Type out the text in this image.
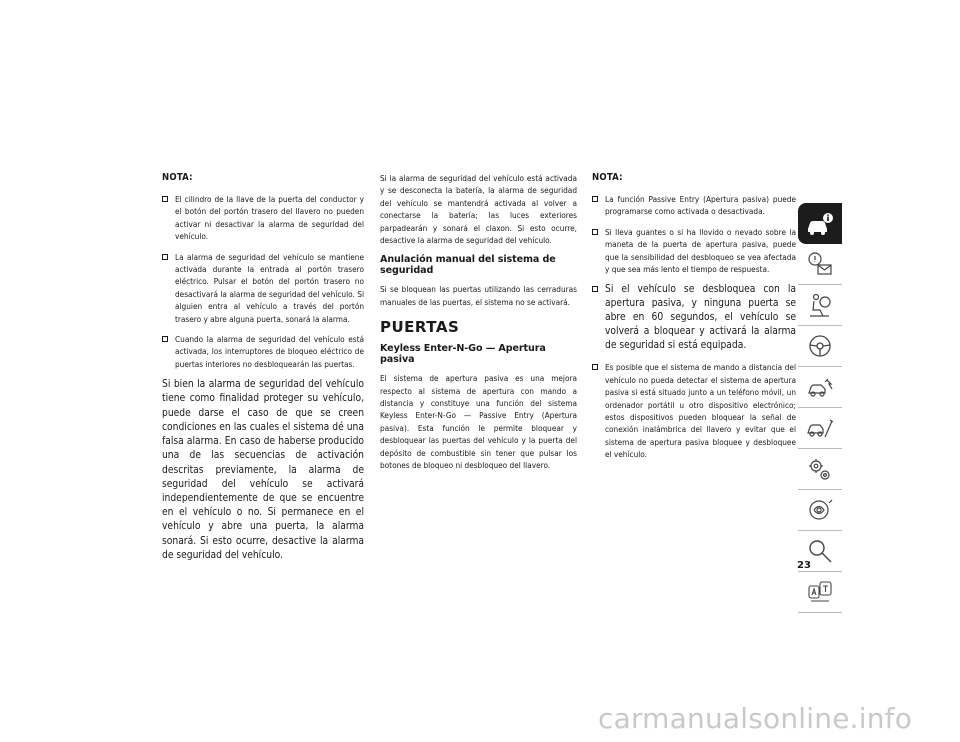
NOTA:

El cilindro de la llave de la puerta del conductor y el botón del portón trasero del llavero no pueden activar ni desactivar la alarma de seguridad del vehículo.
La alarma de seguridad del vehículo se mantiene activada durante la entrada al portón trasero eléctrico. Pulsar el botón del portón trasero no desactivará la alarma de seguridad del vehículo. Si alguien entra al vehículo a través del portón trasero y abre alguna puerta, sonará la alarma.
Cuando la alarma de seguridad del vehículo está activada, los interruptores de bloqueo eléctrico de puertas interiores no desbloquearán las puertas.

Si bien la alarma de seguridad del vehículo tiene como finalidad proteger su vehículo, puede darse el caso de que se creen condiciones en las cuales el sistema dé una falsa alarma. En caso de haberse producido una de las secuencias de activación descritas previamente, la alarma de seguridad del vehículo se activará independientemente de que se encuentre en el vehículo o no. Si permanece en el vehículo y abre una puerta, la alarma sonará. Si esto ocurre, desactive la alarma de seguridad del vehículo.

Si la alarma de seguridad del vehículo está activada y se desconecta la batería, la alarma de seguridad del vehículo se mantendrá activada al volver a conectarse la batería; las luces exteriores parpadearán y sonará el claxon. Si esto ocurre, desactive la alarma de seguridad del vehículo.

Anulación manual del sistema de seguridad

Si se bloquean las puertas utilizando las cerraduras manuales de las puertas, el sistema no se activará.

PUERTAS
Keyless Enter-N-Go — Apertura pasiva

El sistema de apertura pasiva es una mejora respecto al sistema de apertura con mando a distancia y constituye una función del sistema Keyless Enter-N-Go — Passive Entry (Apertura pasiva). Esta función le permite bloquear y desbloquear las puertas del vehículo y la puerta del depósito de combustible sin tener que pulsar los botones de bloqueo ni desbloqueo del llavero.

NOTA:

La función Passive Entry (Apertura pasiva) puede programarse como activada o desactivada.
Si lleva guantes o si ha llovido o nevado sobre la maneta de la puerta de apertura pasiva, puede que la sensibilidad del desbloqueo se vea afectada y que sea más lento el tiempo de respuesta.
Si el vehículo se desbloquea con la apertura pasiva, y ninguna puerta se abre en 60 segundos, el vehículo se volverá a bloquear y activará la alarma de seguridad si está equipada.
Es posible que el sistema de mando a distancia del vehículo no pueda detectar el sistema de apertura pasiva si está situado junto a un teléfono móvil, un ordenador portátil u otro dispositivo electrónico; estos dispositivos pueden bloquear la señal de conexión inalámbrica del llavero y evitar que el sistema de apertura pasiva bloquee y desbloquee el vehículo.
23
carmanualsonline.info
